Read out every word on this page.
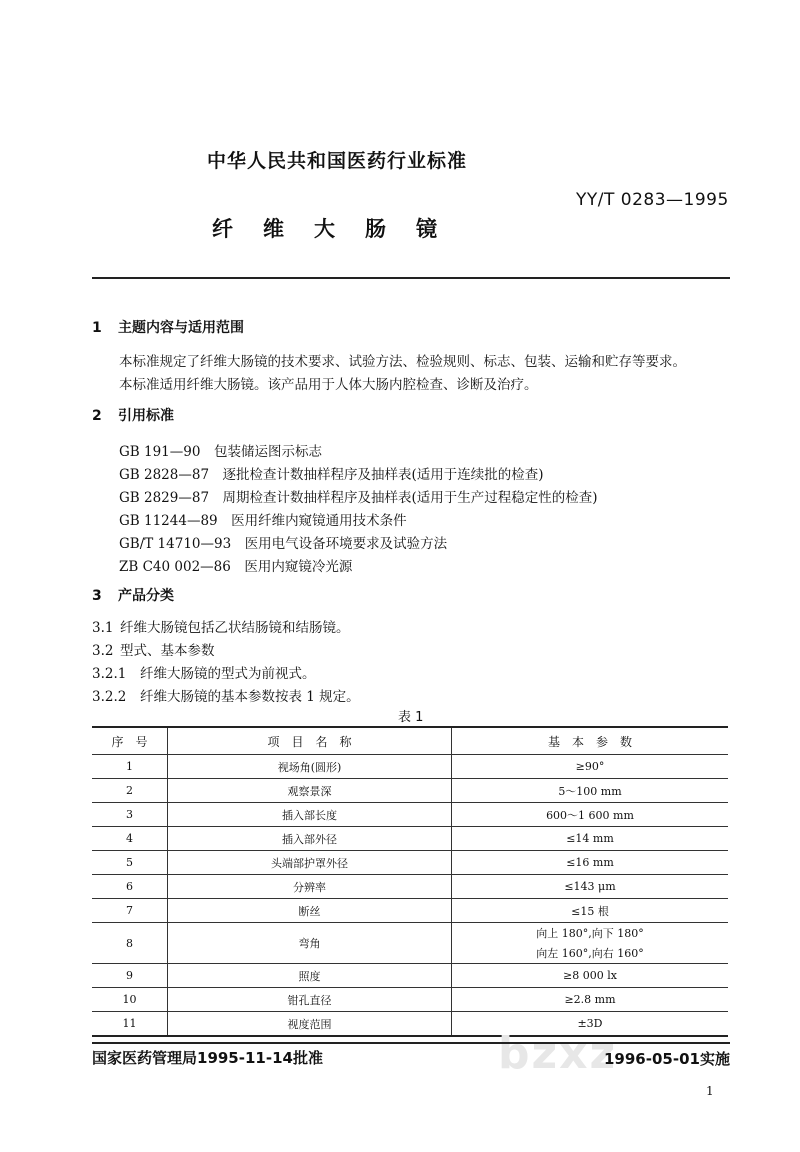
中华人民共和国医药行业标准
YY/T 0283—1995
纤维大肠镜
1 主题内容与适用范围
本标准规定了纤维大肠镜的技术要求、试验方法、检验规则、标志、包装、运输和贮存等要求。
本标准适用纤维大肠镜。该产品用于人体大肠内腔检查、诊断及治疗。
2 引用标准
GB 191—90　 包装储运图示标志
GB 2828—87　 逐批检查计数抽样程序及抽样表(适用于连续批的检查)
GB 2829—87　 周期检查计数抽样程序及抽样表(适用于生产过程稳定性的检查)
GB 11244—89　 医用纤维内窥镜通用技术条件
GB/T 14710—93　 医用电气设备环境要求及试验方法
ZB C40 002—86　 医用内窥镜冷光源
3 产品分类
3.1 纤维大肠镜包括乙状结肠镜和结肠镜。
3.2 型式、基本参数
3.2.1 纤维大肠镜的型式为前视式。
3.2.2 纤维大肠镜的基本参数按表 1 规定。
表 1
序　号	项　目　名　称	基　本　参　数
1	视场角(圆形)	≥90°
2	观察景深	5～100 mm
3	插入部长度	600～1 600 mm
4	插入部外径	≤14 mm
5	头端部护罩外径	≤16 mm
6	分辨率	≤143 μm
7	断丝	≤15 根
8	弯角	向上 180°,向下 180°
向左 160°,向右 160°

9	照度	≥8 000 lx
10	钳孔直径	≥2.8 mm
11	视度范围	±3D
bzxz
国家医药管理局1995-11-14批准	1996-05-01实施
1
